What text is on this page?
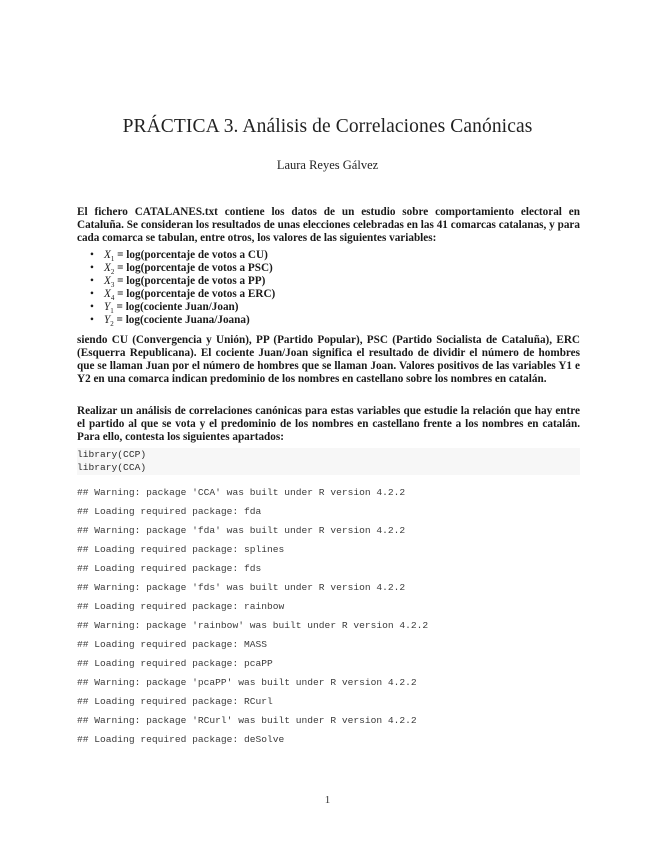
PRÁCTICA 3. Análisis de Correlaciones Canónicas
Laura Reyes Gálvez
El fichero CATALANES.txt contiene los datos de un estudio sobre comportamiento electoral en Cataluña. Se consideran los resultados de unas elecciones celebradas en las 41 comarcas catalanas, y para cada comarca se tabulan, entre otros, los valores de las siguientes variables:
• $X_1$ = log(porcentaje de votos a CU)
• $X_2$ = log(porcentaje de votos a PSC)
• $X_3$ = log(porcentaje de votos a PP)
• $X_4$ = log(porcentaje de votos a ERC)
• $Y_1$ = log(cociente Juan/Joan)
• $Y_2$ = log(cociente Juana/Joana)
siendo CU (Convergencia y Unión), PP (Partido Popular), PSC (Partido Socialista de Cataluña), ERC (Esquerra Republicana). El cociente Juan/Joan significa el resultado de dividir el número de hombres que se llaman Juan por el número de hombres que se llaman Joan. Valores positivos de las variables Y1 e Y2 en una comarca indican predominio de los nombres en castellano sobre los nombres en catalán.
Realizar un análisis de correlaciones canónicas para estas variables que estudie la relación que hay entre el partido al que se vota y el predominio de los nombres en castellano frente a los nombres en catalán. Para ello, contesta los siguientes apartados:
library(CCP)
library(CCA)
## Warning: package 'CCA' was built under R version 4.2.2
## Loading required package: fda
## Warning: package 'fda' was built under R version 4.2.2
## Loading required package: splines
## Loading required package: fds
## Warning: package 'fds' was built under R version 4.2.2
## Loading required package: rainbow
## Warning: package 'rainbow' was built under R version 4.2.2
## Loading required package: MASS
## Loading required package: pcaPP
## Warning: package 'pcaPP' was built under R version 4.2.2
## Loading required package: RCurl
## Warning: package 'RCurl' was built under R version 4.2.2
## Loading required package: deSolve
1
